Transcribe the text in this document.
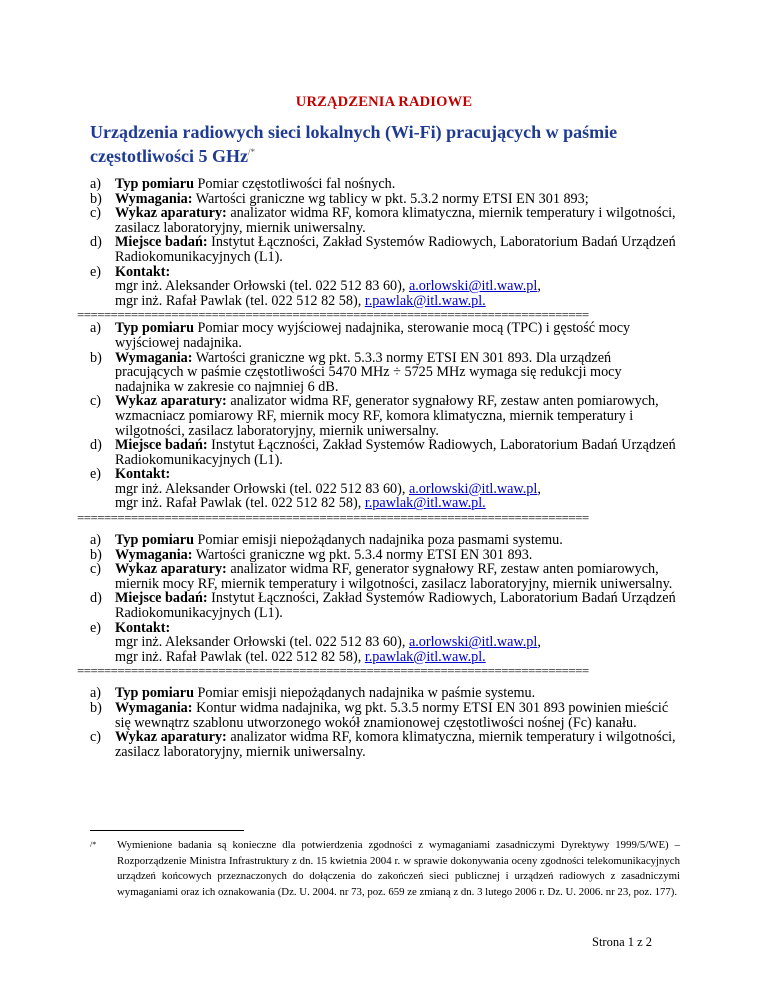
URZĄDZENIA RADIOWE

Urządzenia radiowych sieci lokalnych (Wi-Fi) pracujących w paśmie częstotliwości 5 GHz/*
a) Typ pomiaru Pomiar częstotliwości fal nośnych.
b) Wymagania: Wartości graniczne wg tablicy w pkt. 5.3.2 normy ETSI EN 301 893;
c) Wykaz aparatury: analizator widma RF, komora klimatyczna, miernik temperatury i wilgotności, zasilacz laboratoryjny, miernik uniwersalny.
d) Miejsce badań: Instytut Łączności, Zakład Systemów Radiowych, Laboratorium Badań Urządzeń Radiokomunikacyjnych (L1).
e) Kontakt:
mgr inż. Aleksander Orłowski (tel. 022 512 83 60), a.orlowski@itl.waw.pl,
mgr inż. Rafał Pawlak (tel. 022 512 82 58), r.pawlak@itl.waw.pl.
============================================================================
a) Typ pomiaru Pomiar mocy wyjściowej nadajnika, sterowanie mocą (TPC) i gęstość mocy wyjściowej nadajnika.
b) Wymagania: Wartości graniczne wg pkt. 5.3.3 normy ETSI EN 301 893. Dla urządzeń pracujących w paśmie częstotliwości 5470 MHz ÷ 5725 MHz wymaga się redukcji mocy nadajnika w zakresie co najmniej 6 dB.
c) Wykaz aparatury: analizator widma RF, generator sygnałowy RF, zestaw anten pomiarowych, wzmacniacz pomiarowy RF, miernik mocy RF, komora klimatyczna, miernik temperatury i wilgotności, zasilacz laboratoryjny, miernik uniwersalny.
d) Miejsce badań: Instytut Łączności, Zakład Systemów Radiowych, Laboratorium Badań Urządzeń Radiokomunikacyjnych (L1).
e) Kontakt:
mgr inż. Aleksander Orłowski (tel. 022 512 83 60), a.orlowski@itl.waw.pl,
mgr inż. Rafał Pawlak (tel. 022 512 82 58), r.pawlak@itl.waw.pl.
============================================================================
a) Typ pomiaru Pomiar emisji niepożądanych nadajnika poza pasmami systemu.
b) Wymagania: Wartości graniczne wg pkt. 5.3.4 normy ETSI EN 301 893.
c) Wykaz aparatury: analizator widma RF, generator sygnałowy RF, zestaw anten pomiarowych, miernik mocy RF, miernik temperatury i wilgotności, zasilacz laboratoryjny, miernik uniwersalny.
d) Miejsce badań: Instytut Łączności, Zakład Systemów Radiowych, Laboratorium Badań Urządzeń Radiokomunikacyjnych (L1).
e) Kontakt:
mgr inż. Aleksander Orłowski (tel. 022 512 83 60), a.orlowski@itl.waw.pl,
mgr inż. Rafał Pawlak (tel. 022 512 82 58), r.pawlak@itl.waw.pl.
============================================================================
a) Typ pomiaru Pomiar emisji niepożądanych nadajnika w paśmie systemu.
b) Wymagania: Kontur widma nadajnika, wg pkt. 5.3.5 normy ETSI EN 301 893 powinien mieścić się wewnątrz szablonu utworzonego wokół znamionowej częstotliwości nośnej (Fc) kanału.
c) Wykaz aparatury: analizator widma RF, komora klimatyczna, miernik temperatury i wilgotności, zasilacz laboratoryjny, miernik uniwersalny.
/*	Wymienione badania są konieczne dla potwierdzenia zgodności z wymaganiami zasadniczymi Dyrektywy 1999/5/WE) – Rozporządzenie Ministra Infrastruktury z dn. 15 kwietnia 2004 r. w sprawie dokonywania oceny zgodności telekomunikacyjnych urządzeń końcowych przeznaczonych do dołączenia do zakończeń sieci publicznej i urządzeń radiowych z zasadniczymi wymaganiami oraz ich oznakowania (Dz. U. 2004. nr 73, poz. 659 ze zmianą z dn. 3 lutego 2006 r. Dz. U. 2006. nr 23, poz. 177).
Strona 1 z 2
